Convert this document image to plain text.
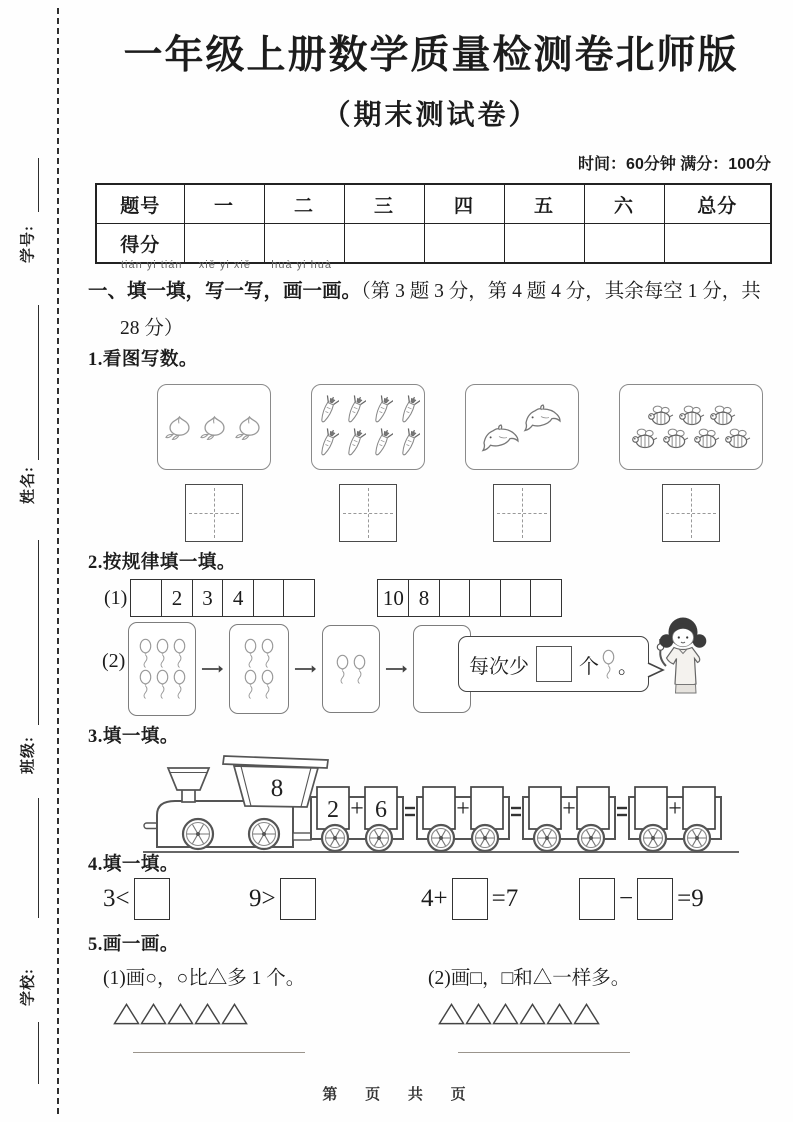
学号:
姓名:
班级:
学校:
一年级上册数学质量检测卷北师版
（期末测试卷）
时间：60分钟 满分：100分
题号	一	二	三	四	五	六	总分
得分							
tián yi tián    xiě yi xiě     huà yi huà
一、填一填，写一写，画一画。（第 3 题 3 分，第 4 题 4 分，其余每空 1 分，共
28 分）
1.看图写数。
2.按规律填一填。
(1)	2 3 4	10 8
(2)	每次少	个 。
3.填一填。
8
+
2 6	+	+	+
4.填一填。
3<	9>	4+ =7	− =9
5.画一画。
(1)画○，○比△多 1 个。	(2)画□，□和△一样多。
第 页 共 页
